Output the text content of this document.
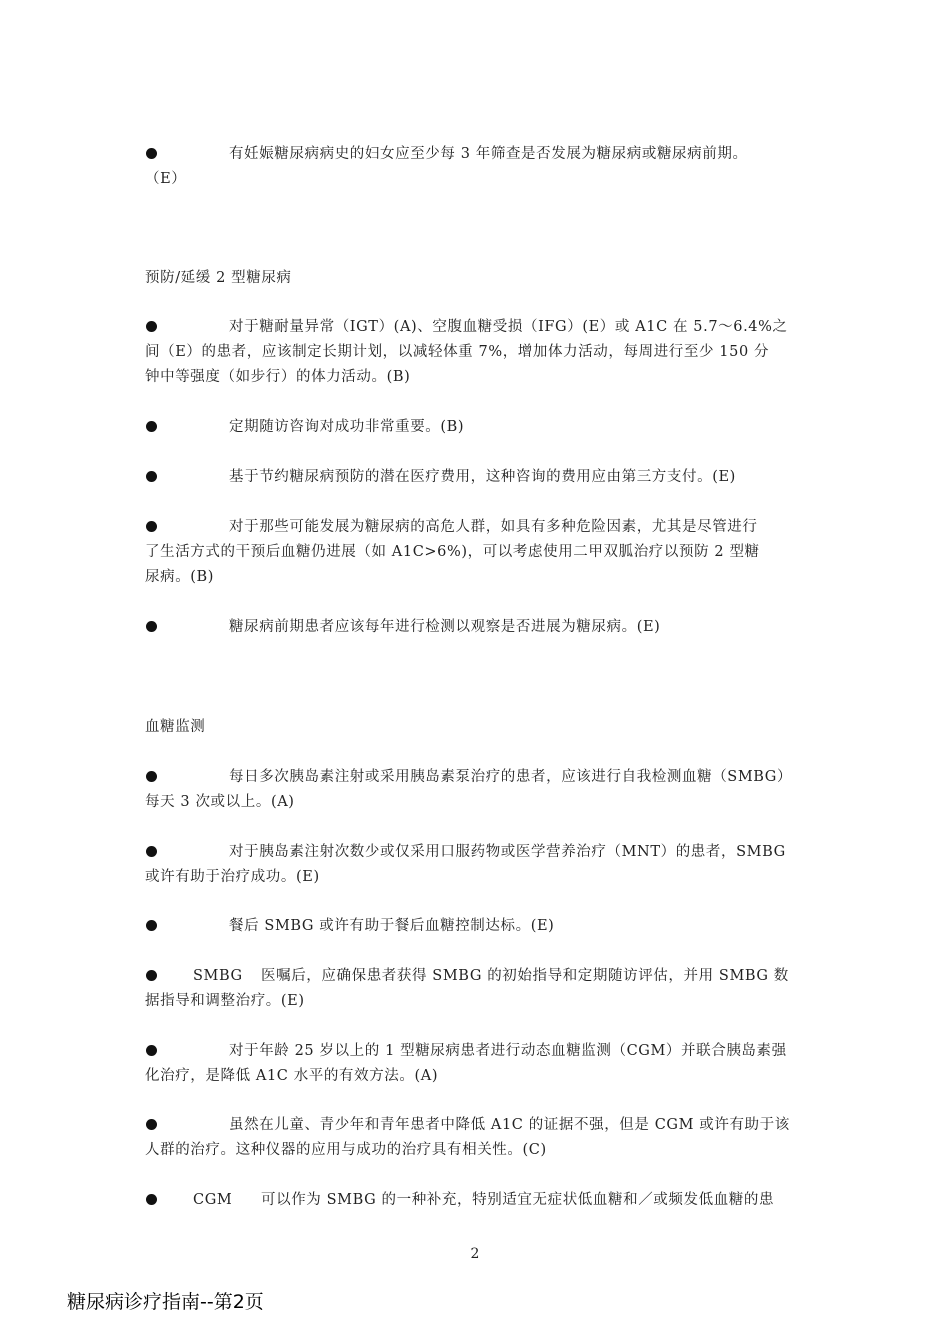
有妊娠糖尿病病史的妇女应至少每 3 年筛查是否发展为糖尿病或糖尿病前期。
（E）
预防/延缓 2 型糖尿病
对于糖耐量异常（IGT）(A)、空腹血糖受损（IFG）(E）或 A1C 在 5.7～6.4%之
间（E）的患者，应该制定长期计划，以减轻体重 7%，增加体力活动，每周进行至少 150 分
钟中等强度（如步行）的体力活动。(B)
定期随访咨询对成功非常重要。(B)
基于节约糖尿病预防的潜在医疗费用，这种咨询的费用应由第三方支付。(E)
对于那些可能发展为糖尿病的高危人群，如具有多种危险因素，尤其是尽管进行
了生活方式的干预后血糖仍进展（如 A1C>6%)，可以考虑使用二甲双胍治疗以预防 2 型糖
尿病。(B)
糖尿病前期患者应该每年进行检测以观察是否进展为糖尿病。(E)
血糖监测
每日多次胰岛素注射或采用胰岛素泵治疗的患者，应该进行自我检测血糖（SMBG）
每天 3 次或以上。(A)
对于胰岛素注射次数少或仅采用口服药物或医学营养治疗（MNT）的患者，SMBG
或许有助于治疗成功。(E)
餐后 SMBG 或许有助于餐后血糖控制达标。(E)
SMBG 医嘱后，应确保患者获得 SMBG 的初始指导和定期随访评估，并用 SMBG 数
据指导和调整治疗。(E)
对于年龄 25 岁以上的 1 型糖尿病患者进行动态血糖监测（CGM）并联合胰岛素强
化治疗，是降低 A1C 水平的有效方法。(A)
虽然在儿童、青少年和青年患者中降低 A1C 的证据不强，但是 CGM 或许有助于该
人群的治疗。这种仪器的应用与成功的治疗具有相关性。(C)
CGM 可以作为 SMBG 的一种补充，特别适宜无症状低血糖和／或频发低血糖的患
2
糖尿病诊疗指南--第2页
